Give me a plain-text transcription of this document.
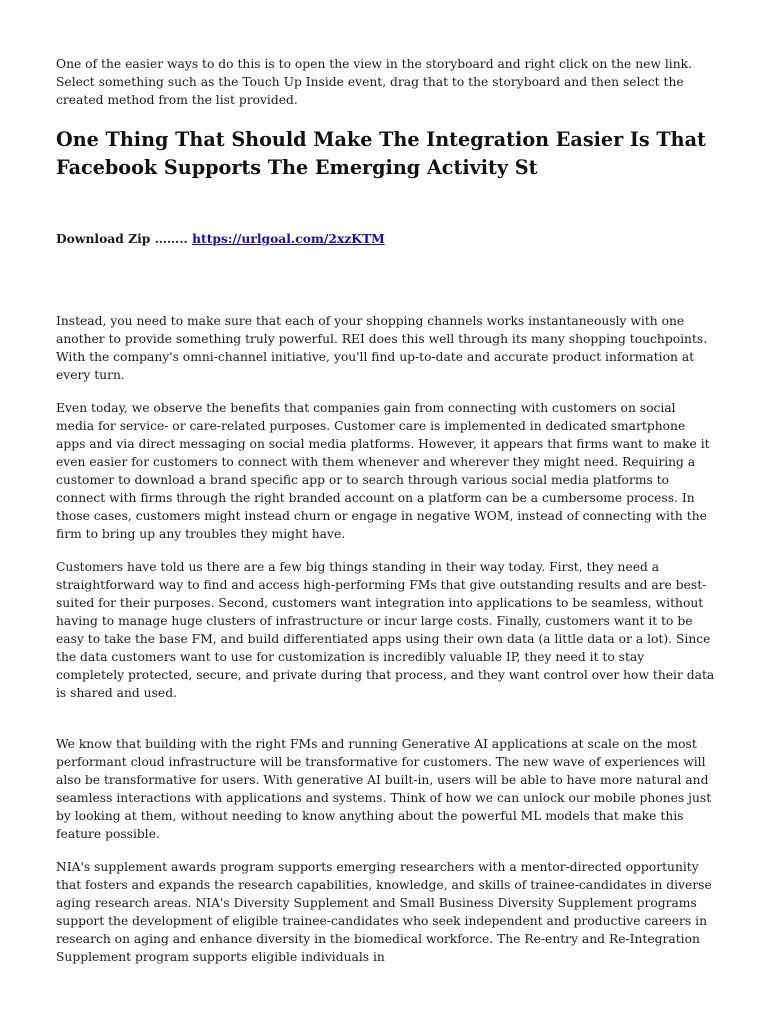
One of the easier ways to do this is to open the view in the storyboard and right click on the new link. Select something such as the Touch Up Inside event, drag that to the storyboard and then select the created method from the list provided.

One Thing That Should Make The Integration Easier Is That Facebook Supports The Emerging Activity St
Download Zip …….. https://urlgoal.com/2xzKTM

Instead, you need to make sure that each of your shopping channels works instantaneously with one another to provide something truly powerful. REI does this well through its many shopping touchpoints. With the company's omni-channel initiative, you'll find up-to-date and accurate product information at every turn.

Even today, we observe the benefits that companies gain from connecting with customers on social media for service- or care-related purposes. Customer care is implemented in dedicated smartphone apps and via direct messaging on social media platforms. However, it appears that firms want to make it even easier for customers to connect with them whenever and wherever they might need. Requiring a customer to download a brand specific app or to search through various social media platforms to connect with firms through the right branded account on a platform can be a cumbersome process. In those cases, customers might instead churn or engage in negative WOM, instead of connecting with the firm to bring up any troubles they might have.

Customers have told us there are a few big things standing in their way today. First, they need a straightforward way to find and access high-performing FMs that give outstanding results and are best-suited for their purposes. Second, customers want integration into applications to be seamless, without having to manage huge clusters of infrastructure or incur large costs. Finally, customers want it to be easy to take the base FM, and build differentiated apps using their own data (a little data or a lot). Since the data customers want to use for customization is incredibly valuable IP, they need it to stay completely protected, secure, and private during that process, and they want control over how their data is shared and used.

We know that building with the right FMs and running Generative AI applications at scale on the most performant cloud infrastructure will be transformative for customers. The new wave of experiences will also be transformative for users. With generative AI built-in, users will be able to have more natural and seamless interactions with applications and systems. Think of how we can unlock our mobile phones just by looking at them, without needing to know anything about the powerful ML models that make this feature possible.

NIA's supplement awards program supports emerging researchers with a mentor-directed opportunity that fosters and expands the research capabilities, knowledge, and skills of trainee-candidates in diverse aging research areas. NIA's Diversity Supplement and Small Business Diversity Supplement programs support the development of eligible trainee-candidates who seek independent and productive careers in research on aging and enhance diversity in the biomedical workforce. The Re-entry and Re-Integration Supplement program supports eligible individuals in
